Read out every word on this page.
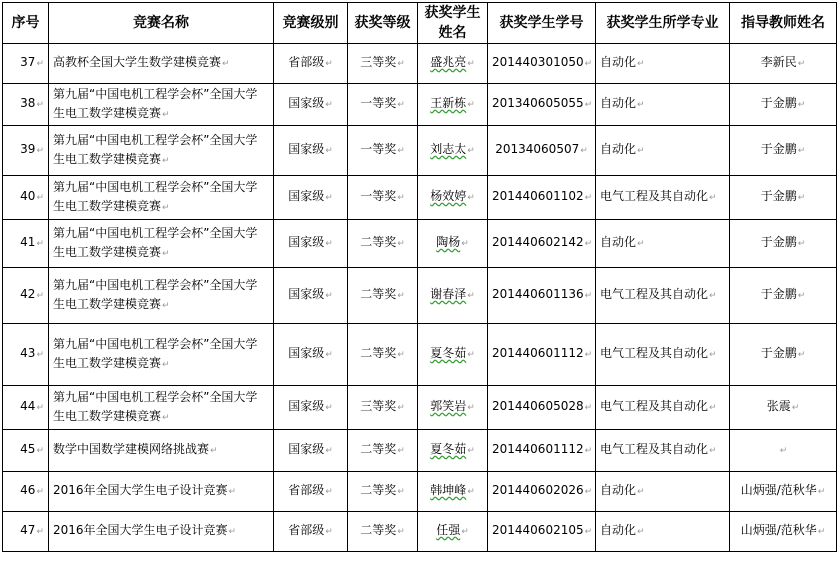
序号	竞赛名称	竞赛级别	获奖等级	获奖学生姓名	获奖学生学号	获奖学生所学专业	指导教师姓名
37↵	高教杯全国大学生数学建模竞赛↵	省部级↵	三等奖↵	盛兆亮↵	201440301050↵	自动化↵	李新民↵
38↵	第九届“中国电机工程学会杯”全国大学生电工数学建模竞赛↵	国家级↵	一等奖↵	王新栋↵	201340605055↵	自动化↵	于金鹏↵
39↵	第九届“中国电机工程学会杯”全国大学生电工数学建模竞赛↵	国家级↵	一等奖↵	刘志太↵	20134060507↵	自动化↵	于金鹏↵
40↵	第九届“中国电机工程学会杯”全国大学生电工数学建模竞赛↵	国家级↵	一等奖↵	杨效婷↵	201440601102↵	电气工程及其自动化↵	于金鹏↵
41↵	第九届“中国电机工程学会杯”全国大学生电工数学建模竞赛↵	国家级↵	二等奖↵	陶杨↵	201440602142↵	自动化↵	于金鹏↵
42↵	第九届“中国电机工程学会杯”全国大学生电工数学建模竞赛↵	国家级↵	二等奖↵	谢春泽↵	201440601136↵	电气工程及其自动化↵	于金鹏↵
43↵	第九届“中国电机工程学会杯”全国大学生电工数学建模竞赛↵	国家级↵	二等奖↵	夏冬茹↵	201440601112↵	电气工程及其自动化↵	于金鹏↵
44↵	第九届“中国电机工程学会杯”全国大学生电工数学建模竞赛↵	国家级↵	三等奖↵	郭笑岩↵	201440605028↵	电气工程及其自动化↵	张震↵
45↵	数学中国数学建模网络挑战赛↵	国家级↵	二等奖↵	夏冬茹↵	201440601112↵	电气工程及其自动化↵	↵
46↵	2016年全国大学生电子设计竞赛↵	省部级↵	二等奖↵	韩坤峰↵	201440602026↵	自动化↵	山炳强/范秋华↵
47↵	2016年全国大学生电子设计竞赛↵	省部级↵	二等奖↵	任强↵	201440602105↵	自动化↵	山炳强/范秋华↵
